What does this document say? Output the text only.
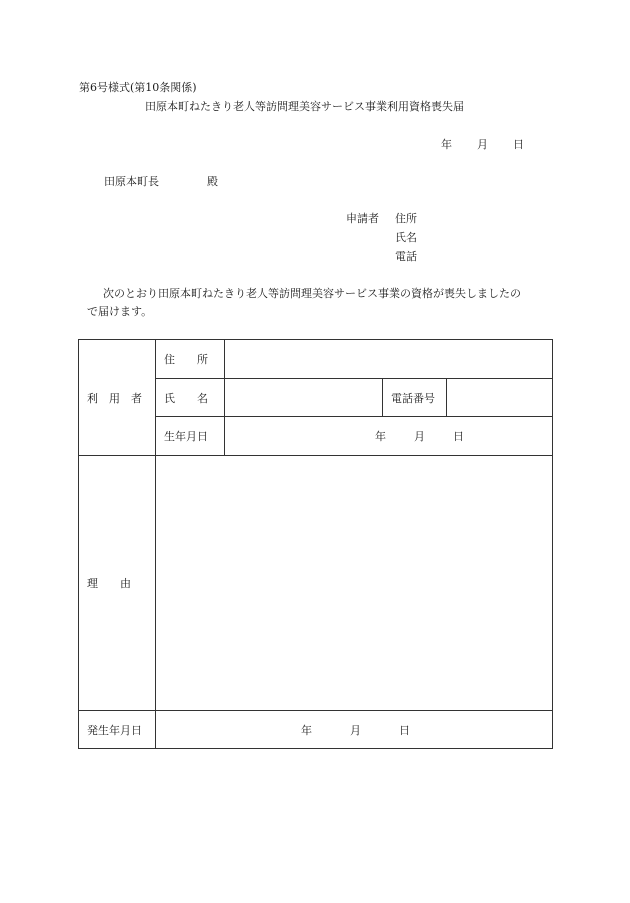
第6号様式(第10条関係)
田原本町ねたきり老人等訪問理美容サービス事業利用資格喪失届
年 月 日
田原本町長	殿
申請者 住所
氏名
電話
次のとおり田原本町ねたきり老人等訪問理美容サービス事業の資格が喪失しましたの
で届けます。
利　用　者	住　　所			

	氏　　名		電話番号	

	生年月日	年 月 日		

理　　由				

発生年月日	年 月 日			
